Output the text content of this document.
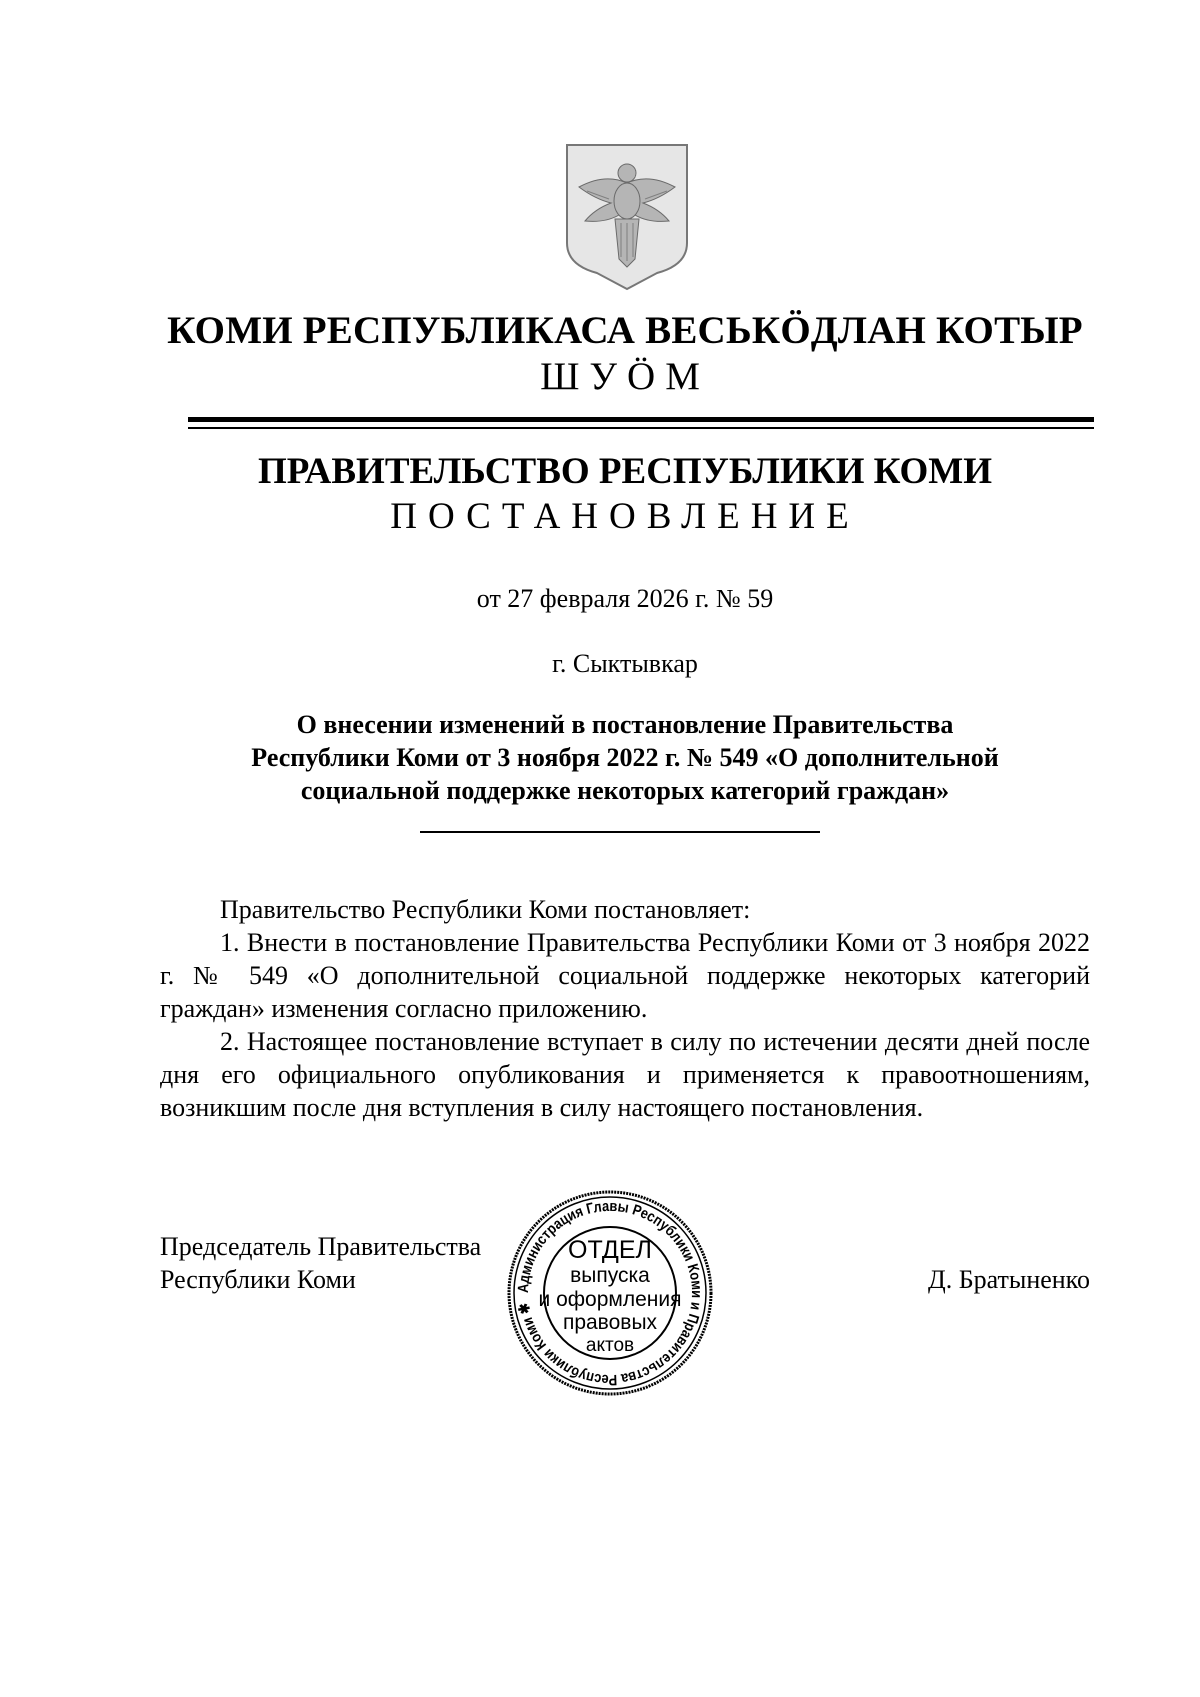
КОМИ РЕСПУБЛИКАСА ВЕСЬКӦДЛАН КОТЫР
ШУӦМ
ПРАВИТЕЛЬСТВО РЕСПУБЛИКИ КОМИ
ПОСТАНОВЛЕНИЕ
от 27 февраля 2026 г. № 59
г. Сыктывкар
О внесении изменений в постановление Правительства
Республики Коми от 3 ноября 2022 г. № 549 «О дополнительной
социальной поддержке некоторых категорий граждан»

Правительство Республики Коми постановляет:

1. Внести в постановление Правительства Республики Коми от 3 ноября 2022 г. № 549 «О дополнительной социальной поддержке некоторых категорий граждан» изменения согласно приложению.

2. Настоящее постановление вступает в силу по истечении десяти дней после дня его официального опубликования и применяется к правоотношениям, возникшим после дня вступления в силу настоящего постановления.

Председатель Правительства
Республики Коми	Д. Братыненко
Администрация Главы Республики Коми и Правительства Республики Коми ✱
ОТДЕЛ
выпуска
и оформления
правовых
актов
